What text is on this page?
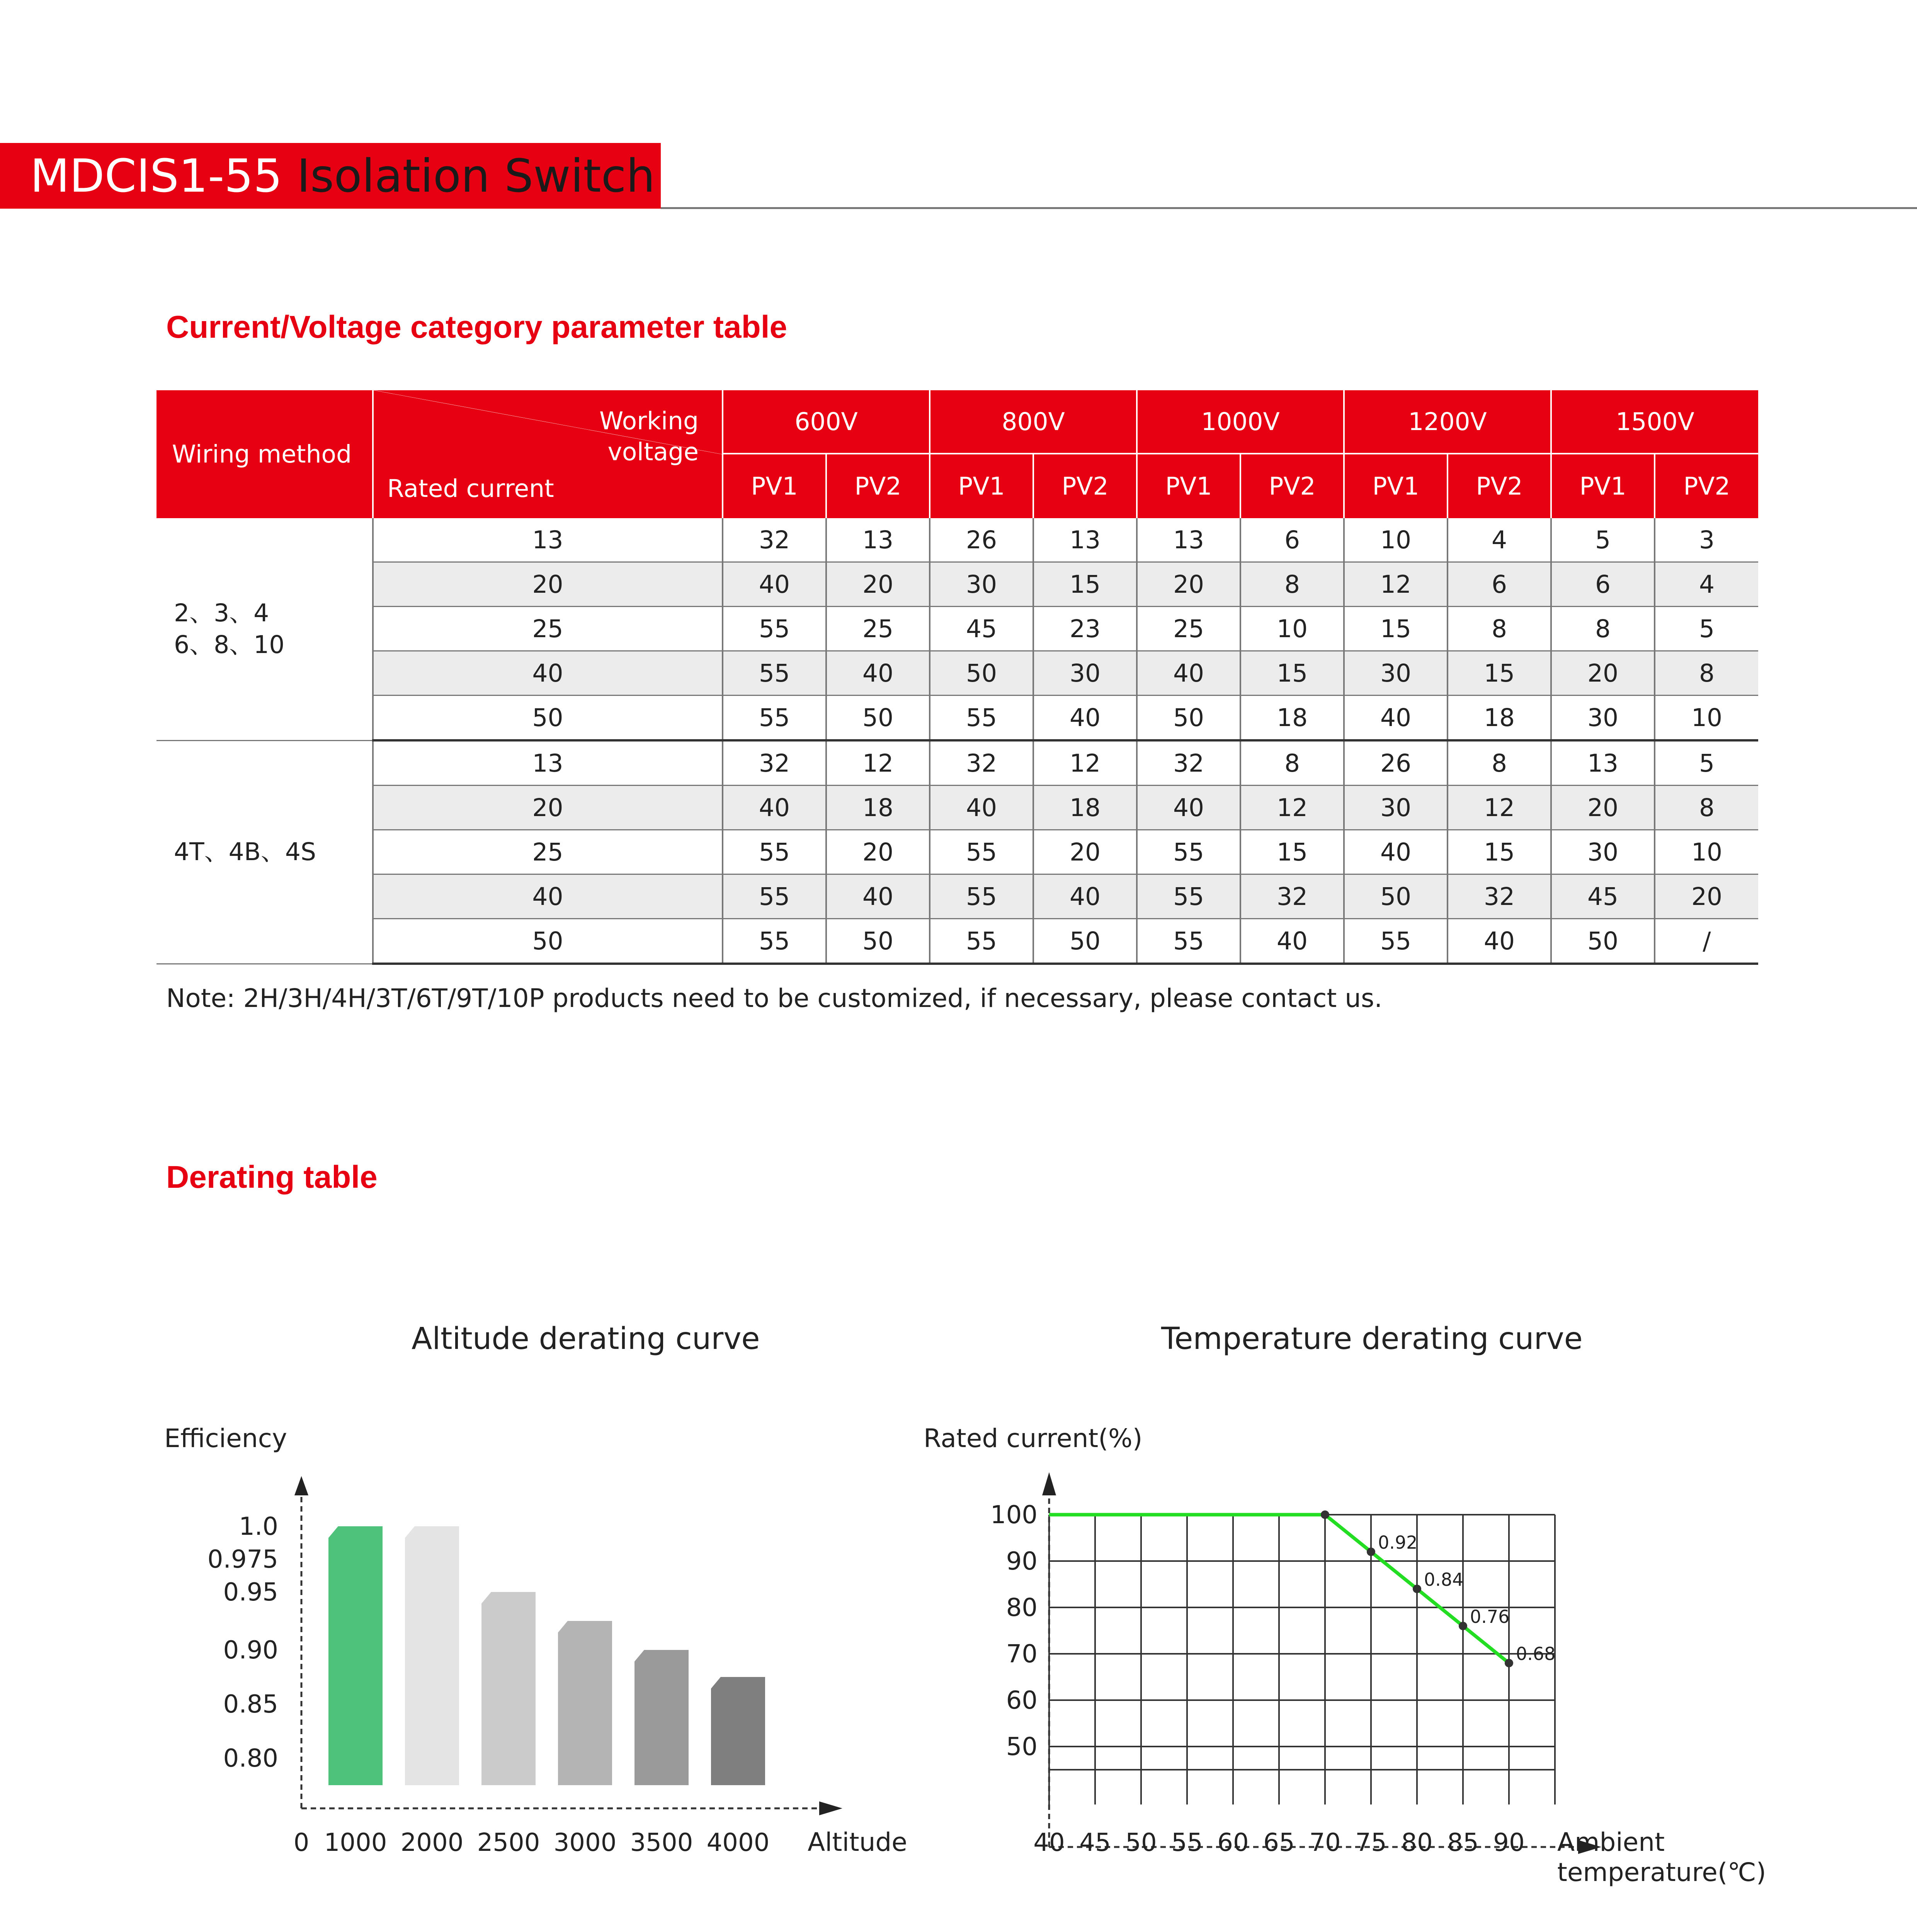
MDCIS1-55 Isolation Switch
Current/Voltage category parameter table
Wiring method	Working voltage
Rated current	600V		800V		1000V		1200V		1500V	
		PV1	PV2	PV1	PV2	PV1	PV2	PV1	PV2	PV1	PV2

2、3、4
6、8、10	13	32	13	26	13	13	6	10	4	5	3
	20	40	20	30	15	20	8	12	6	6	4
	25	55	25	45	23	25	10	15	8	8	5
	40	55	40	50	30	40	15	30	15	20	8
	50	55	50	55	40	50	18	40	18	30	10

4T、4B、4S	13	32	12	32	12	32	8	26	8	13	5
	20	40	18	40	18	40	12	30	12	20	8
	25	55	20	55	20	55	15	40	15	30	10
	40	55	40	55	40	55	32	50	32	45	20
	50	55	50	55	50	55	40	55	40	50	/
Note: 2H/3H/4H/3T/6T/9T/10P products need to be customized, if necessary, please contact us.
Derating table
Altitude derating curve	Temperature derating curve
Efficiency
1.0
0.975
0.95
0.90
0.85
0.80
0 1000 2000 2500 3000 3500 4000 Altitude
Rated current(%)
100
90
80
70
60
50
40 45 50 55 60 65 70 75 80 85 90 Ambient
temperature(℃)
0.92
0.84
0.76
0.68
